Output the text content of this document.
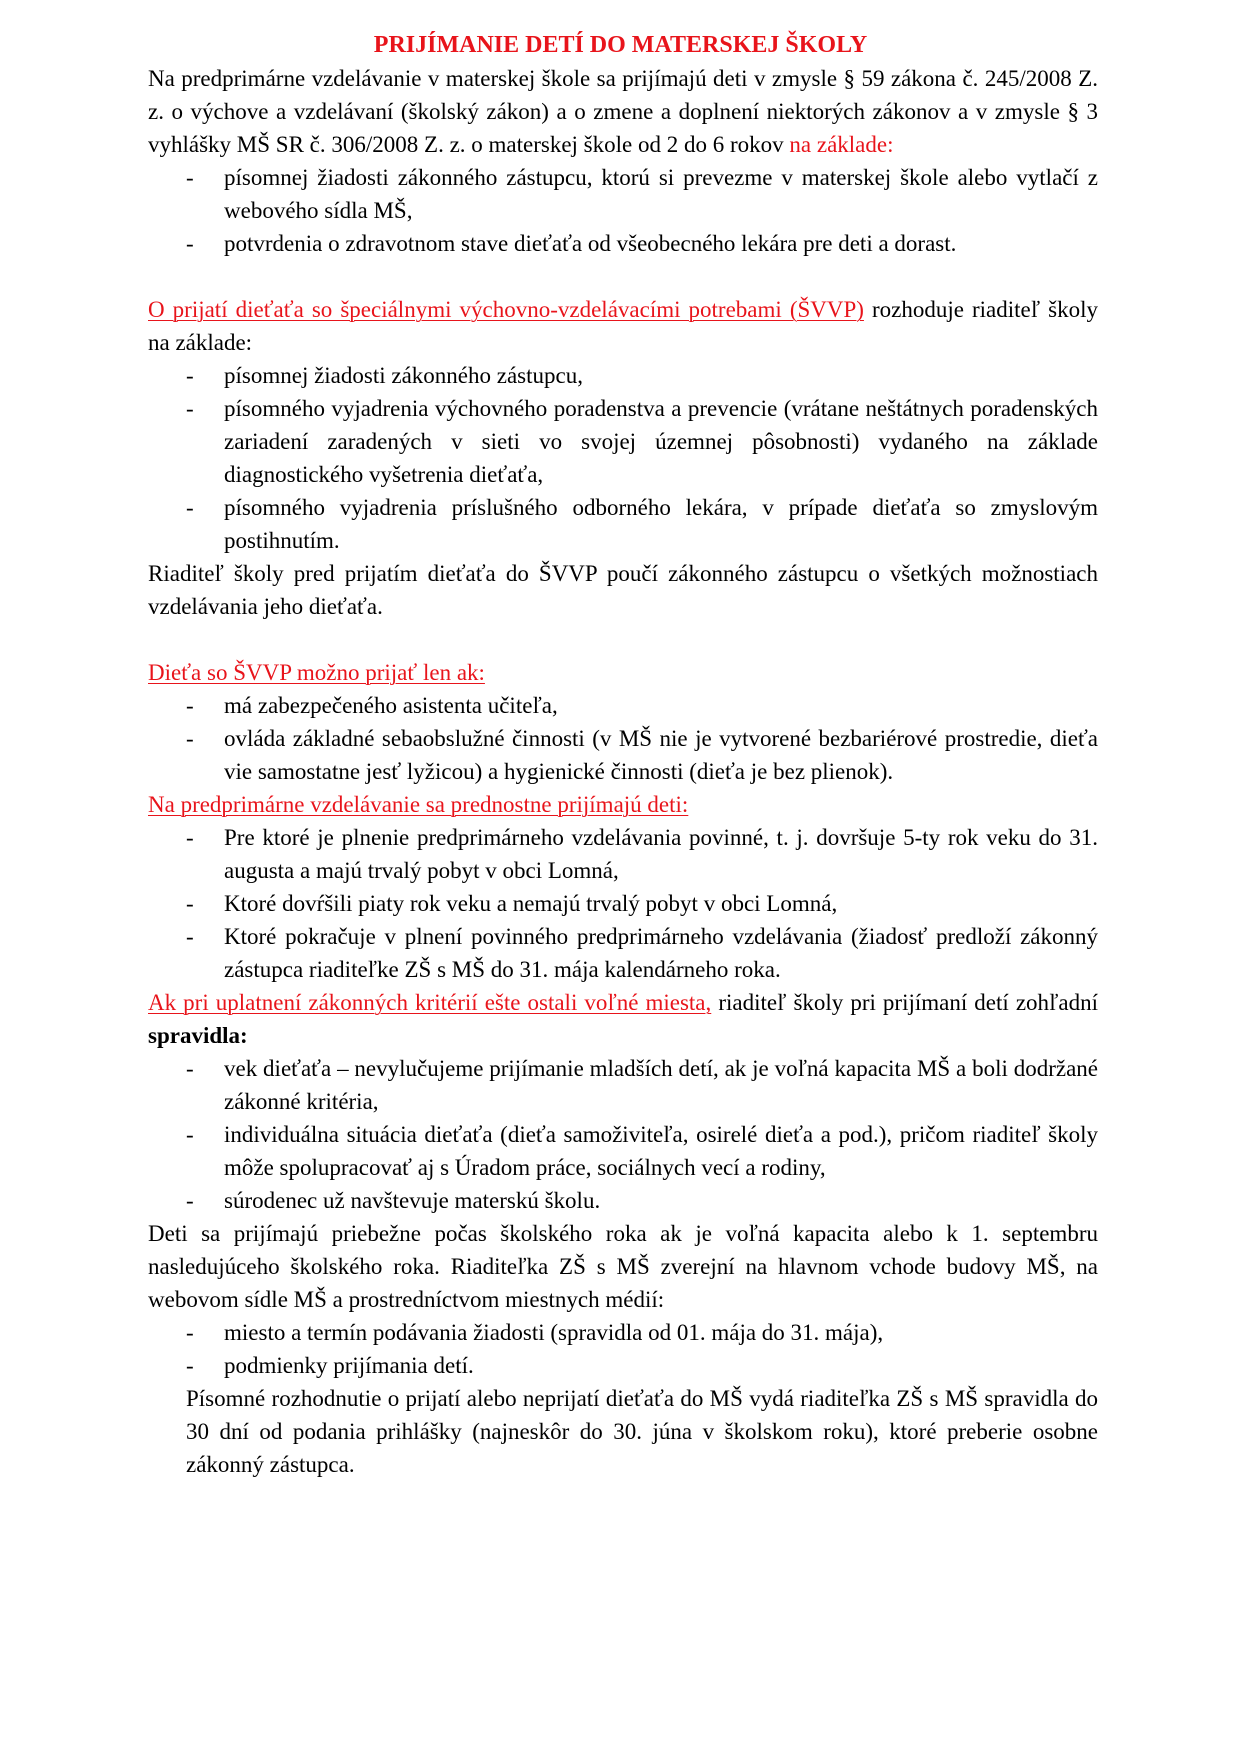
PRIJÍMANIE DETÍ DO MATERSKEJ ŠKOLY

Na predprimárne vzdelávanie v materskej škole sa prijímajú deti v zmysle § 59 zákona č. 245/2008 Z. z. o výchove a vzdelávaní (školský zákon) a o zmene a doplnení niektorých zákonov a v zmysle § 3 vyhlášky MŠ SR č. 306/2008 Z. z. o materskej škole od 2 do 6 rokov na základe:

- písomnej žiadosti zákonného zástupcu, ktorú si prevezme v materskej škole alebo vytlačí z webového sídla MŠ,
- potvrdenia o zdravotnom stave dieťaťa od všeobecného lekára pre deti a dorast.

O prijatí dieťaťa so špeciálnymi výchovno-vzdelávacími potrebami (ŠVVP) rozhoduje riaditeľ školy na základe:

- písomnej žiadosti zákonného zástupcu,
- písomného vyjadrenia výchovného poradenstva a prevencie (vrátane neštátnych poradenských zariadení zaradených v sieti vo svojej územnej pôsobnosti) vydaného na základe diagnostického vyšetrenia dieťaťa,
- písomného vyjadrenia príslušného odborného lekára, v prípade dieťaťa so zmyslovým postihnutím.

Riaditeľ školy pred prijatím dieťaťa do ŠVVP poučí zákonného zástupcu o všetkých možnostiach vzdelávania jeho dieťaťa.

Dieťa so ŠVVP možno prijať len ak:

- má zabezpečeného asistenta učiteľa,
- ovláda základné sebaobslužné činnosti (v MŠ nie je vytvorené bezbariérové prostredie, dieťa vie samostatne jesť lyžicou) a hygienické činnosti (dieťa je bez plienok).

Na predprimárne vzdelávanie sa prednostne prijímajú deti:

- Pre ktoré je plnenie predprimárneho vzdelávania povinné, t. j. dovršuje 5-ty rok veku do 31. augusta a majú trvalý pobyt v obci Lomná,
- Ktoré dovŕšili piaty rok veku a nemajú trvalý pobyt v obci Lomná,
- Ktoré pokračuje v plnení povinného predprimárneho vzdelávania (žiadosť predloží zákonný zástupca riaditeľke ZŠ s MŠ do 31. mája kalendárneho roka.

Ak pri uplatnení zákonných kritérií ešte ostali voľné miesta, riaditeľ školy pri prijímaní detí zohľadní spravidla:

- vek dieťaťa – nevylučujeme prijímanie mladších detí, ak je voľná kapacita MŠ a boli dodržané zákonné kritéria,
- individuálna situácia dieťaťa (dieťa samoživiteľa, osirelé dieťa a pod.), pričom riaditeľ školy môže spolupracovať aj s Úradom práce, sociálnych vecí a rodiny,
- súrodenec už navštevuje materskú školu.

Deti sa prijímajú priebežne počas školského roka ak je voľná kapacita alebo k 1. septembru nasledujúceho školského roka. Riaditeľka ZŠ s MŠ zverejní na hlavnom vchode budovy MŠ, na webovom sídle MŠ a prostredníctvom miestnych médií:

- miesto a termín podávania žiadosti (spravidla od 01. mája do 31. mája),
- podmienky prijímania detí.

Písomné rozhodnutie o prijatí alebo neprijatí dieťaťa do MŠ vydá riaditeľka ZŠ s MŠ spravidla do 30 dní od podania prihlášky (najneskôr do 30. júna v školskom roku), ktoré preberie osobne zákonný zástupca.
